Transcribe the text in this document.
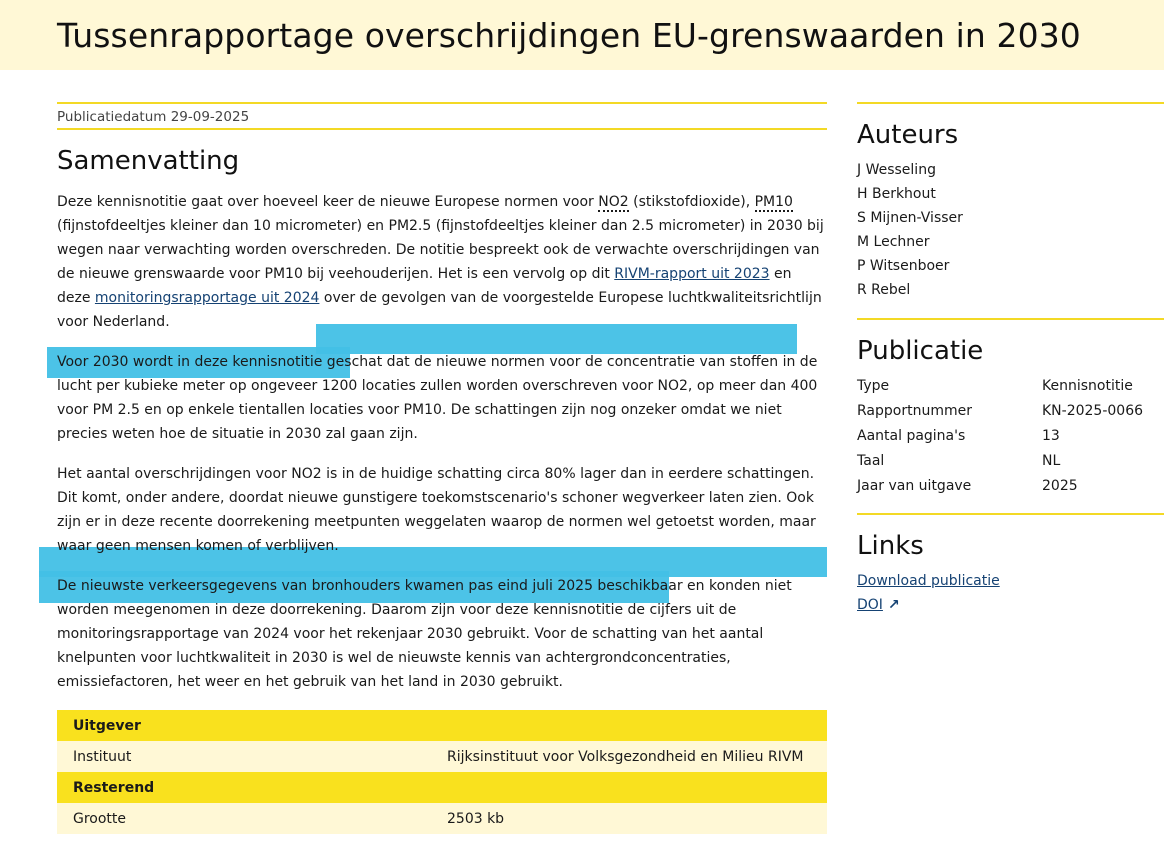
Tussenrapportage overschrijdingen EU-grenswaarden in 2030
Publicatiedatum 29-09-2025
Samenvatting

Deze kennisnotitie gaat over hoeveel keer de nieuwe Europese normen voor NO2 (stikstofdioxide), PM10 (fijnstofdeeltjes kleiner dan 10 micrometer) en PM2.5 (fijnstofdeeltjes kleiner dan 2.5 micrometer) in 2030 bij wegen naar verwachting worden overschreden. De notitie bespreekt ook de verwachte overschrijdingen van de nieuwe grenswaarde voor PM10 bij veehouderijen. Het is een vervolg op dit RIVM-rapport uit 2023 en deze monitoringsrapportage uit 2024 over de gevolgen van de voorgestelde Europese luchtkwaliteitsrichtlijn voor Nederland.

Voor 2030 wordt in deze kennisnotitie geschat dat de nieuwe normen voor de concentratie van stoffen in de lucht per kubieke meter op ongeveer 1200 locaties zullen worden overschreven voor NO2, op meer dan 400 voor PM 2.5 en op enkele tientallen locaties voor PM10. De schattingen zijn nog onzeker omdat we niet precies weten hoe de situatie in 2030 zal gaan zijn.

Het aantal overschrijdingen voor NO2 is in de huidige schatting circa 80% lager dan in eerdere schattingen. Dit komt, onder andere, doordat nieuwe gunstigere toekomstscenario's schoner wegverkeer laten zien. Ook zijn er in deze recente doorrekening meetpunten weggelaten waarop de normen wel getoetst worden, maar waar geen mensen komen of verblijven.

De nieuwste verkeersgegevens van bronhouders kwamen pas eind juli 2025 beschikbaar en konden niet worden meegenomen in deze doorrekening. Daarom zijn voor deze kennisnotitie de cijfers uit de monitoringsrapportage van 2024 voor het rekenjaar 2030 gebruikt. Voor de schatting van het aantal knelpunten voor luchtkwaliteit in 2030 is wel de nieuwste kennis van achtergrondconcentraties, emissiefactoren, het weer en het gebruik van het land in 2030 gebruikt.

Uitgever	
Instituut	Rijksinstituut voor Volksgezondheid en Milieu RIVM
Resterend	
Grootte	2503 kb
Auteurs
J Wesseling
H Berkhout
S Mijnen-Visser
M Lechner
P Witsenboer
R Rebel
Publicatie
Type	Kennisnotitie
Rapportnummer	KN-2025-0066
Aantal pagina's	13
Taal	NL
Jaar van uitgave	2025
Links
Download publicatie
DOI ↗
